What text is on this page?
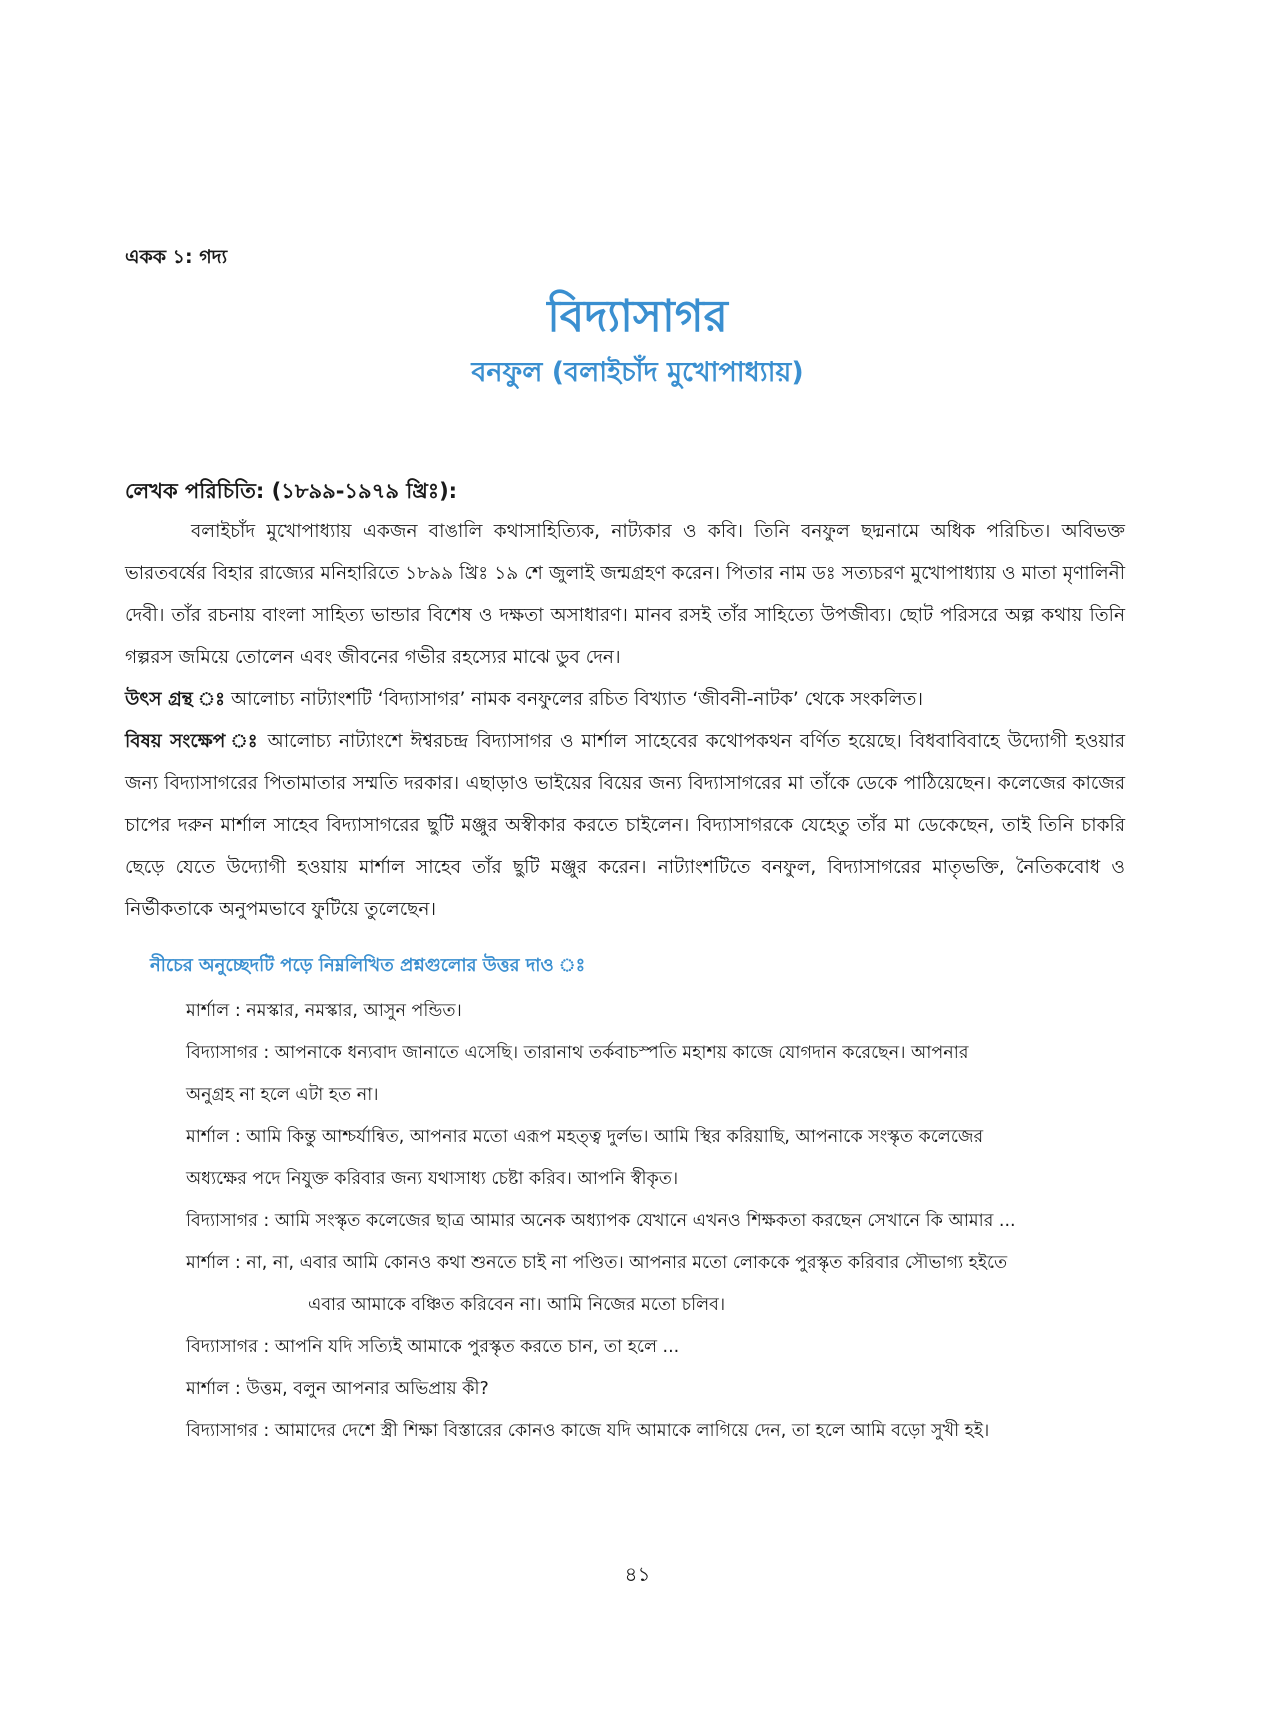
একক ১: গদ্য
বিদ্যাসাগর
বনফুল (বলাইচাঁদ মুখোপাধ্যায়)
লেখক পরিচিতি: (১৮৯৯-১৯৭৯ খ্রিঃ):
বলাইচাঁদ মুখোপাধ্যায় একজন বাঙালি কথাসাহিত্যিক, নাট্যকার ও কবি। তিনি বনফুল ছদ্মনামে অধিক পরিচিত। অবিভক্ত ভারতবর্ষের বিহার রাজ্যের মনিহারিতে ১৮৯৯ খ্রিঃ ১৯ শে জুলাই জন্মগ্রহণ করেন। পিতার নাম ডঃ সত্যচরণ মুখোপাধ্যায় ও মাতা মৃণালিনী দেবী। তাঁর রচনায় বাংলা সাহিত্য ভান্ডার বিশেষ ও দক্ষতা অসাধারণ। মানব রসই তাঁর সাহিত্যে উপজীব্য। ছোট পরিসরে অল্প কথায় তিনি গল্পরস জমিয়ে তোলেন এবং জীবনের গভীর রহস্যের মাঝে ডুব দেন।
উৎস গ্রন্থ ঃ আলোচ্য নাট্যাংশটি ‘বিদ্যাসাগর’ নামক বনফুলের রচিত বিখ্যাত ‘জীবনী-নাটক’ থেকে সংকলিত।
বিষয় সংক্ষেপ ঃ আলোচ্য নাট্যাংশে ঈশ্বরচন্দ্র বিদ্যাসাগর ও মার্শাল সাহেবের কথোপকথন বর্ণিত হয়েছে। বিধবাবিবাহে উদ্যোগী হওয়ার জন্য বিদ্যাসাগরের পিতামাতার সম্মতি দরকার। এছাড়াও ভাইয়ের বিয়ের জন্য বিদ্যাসাগরের মা তাঁকে ডেকে পাঠিয়েছেন। কলেজের কাজের চাপের দরুন মার্শাল সাহেব বিদ্যাসাগরের ছুটি মঞ্জুর অস্বীকার করতে চাইলেন। বিদ্যাসাগরকে যেহেতু তাঁর মা ডেকেছেন, তাই তিনি চাকরি ছেড়ে যেতে উদ্যোগী হওয়ায় মার্শাল সাহেব তাঁর ছুটি মঞ্জুর করেন। নাট্যাংশটিতে বনফুল, বিদ্যাসাগরের মাতৃভক্তি, নৈতিকবোধ ও নির্ভীকতাকে অনুপমভাবে ফুটিয়ে তুলেছেন।
নীচের অনুচ্ছেদটি পড়ে নিম্নলিখিত প্রশ্নগুলোর উত্তর দাও ঃ
মার্শাল : নমস্কার, নমস্কার, আসুন পন্ডিত।
বিদ্যাসাগর : আপনাকে ধন্যবাদ জানাতে এসেছি। তারানাথ তর্কবাচস্পতি মহাশয় কাজে যোগদান করেছেন। আপনার
অনুগ্রহ না হলে এটা হত না।
মার্শাল : আমি কিন্তু আশ্চর্যান্বিত, আপনার মতো এরূপ মহত্ত্ব দুর্লভ। আমি স্থির করিয়াছি, আপনাকে সংস্কৃত কলেজের
অধ্যক্ষের পদে নিযুক্ত করিবার জন্য যথাসাধ্য চেষ্টা করিব। আপনি স্বীকৃত।
বিদ্যাসাগর : আমি সংস্কৃত কলেজের ছাত্র আমার অনেক অধ্যাপক যেখানে এখনও শিক্ষকতা করছেন সেখানে কি আমার ...
মার্শাল : না, না, এবার আমি কোনও কথা শুনতে চাই না পণ্ডিত। আপনার মতো লোককে পুরস্কৃত করিবার সৌভাগ্য হইতে
এবার আমাকে বঞ্চিত করিবেন না। আমি নিজের মতো চলিব।
বিদ্যাসাগর : আপনি যদি সত্যিই আমাকে পুরস্কৃত করতে চান, তা হলে ...
মার্শাল : উত্তম, বলুন আপনার অভিপ্রায় কী?
বিদ্যাসাগর : আমাদের দেশে স্ত্রী শিক্ষা বিস্তারের কোনও কাজে যদি আমাকে লাগিয়ে দেন, তা হলে আমি বড়ো সুখী হই।
৪১
